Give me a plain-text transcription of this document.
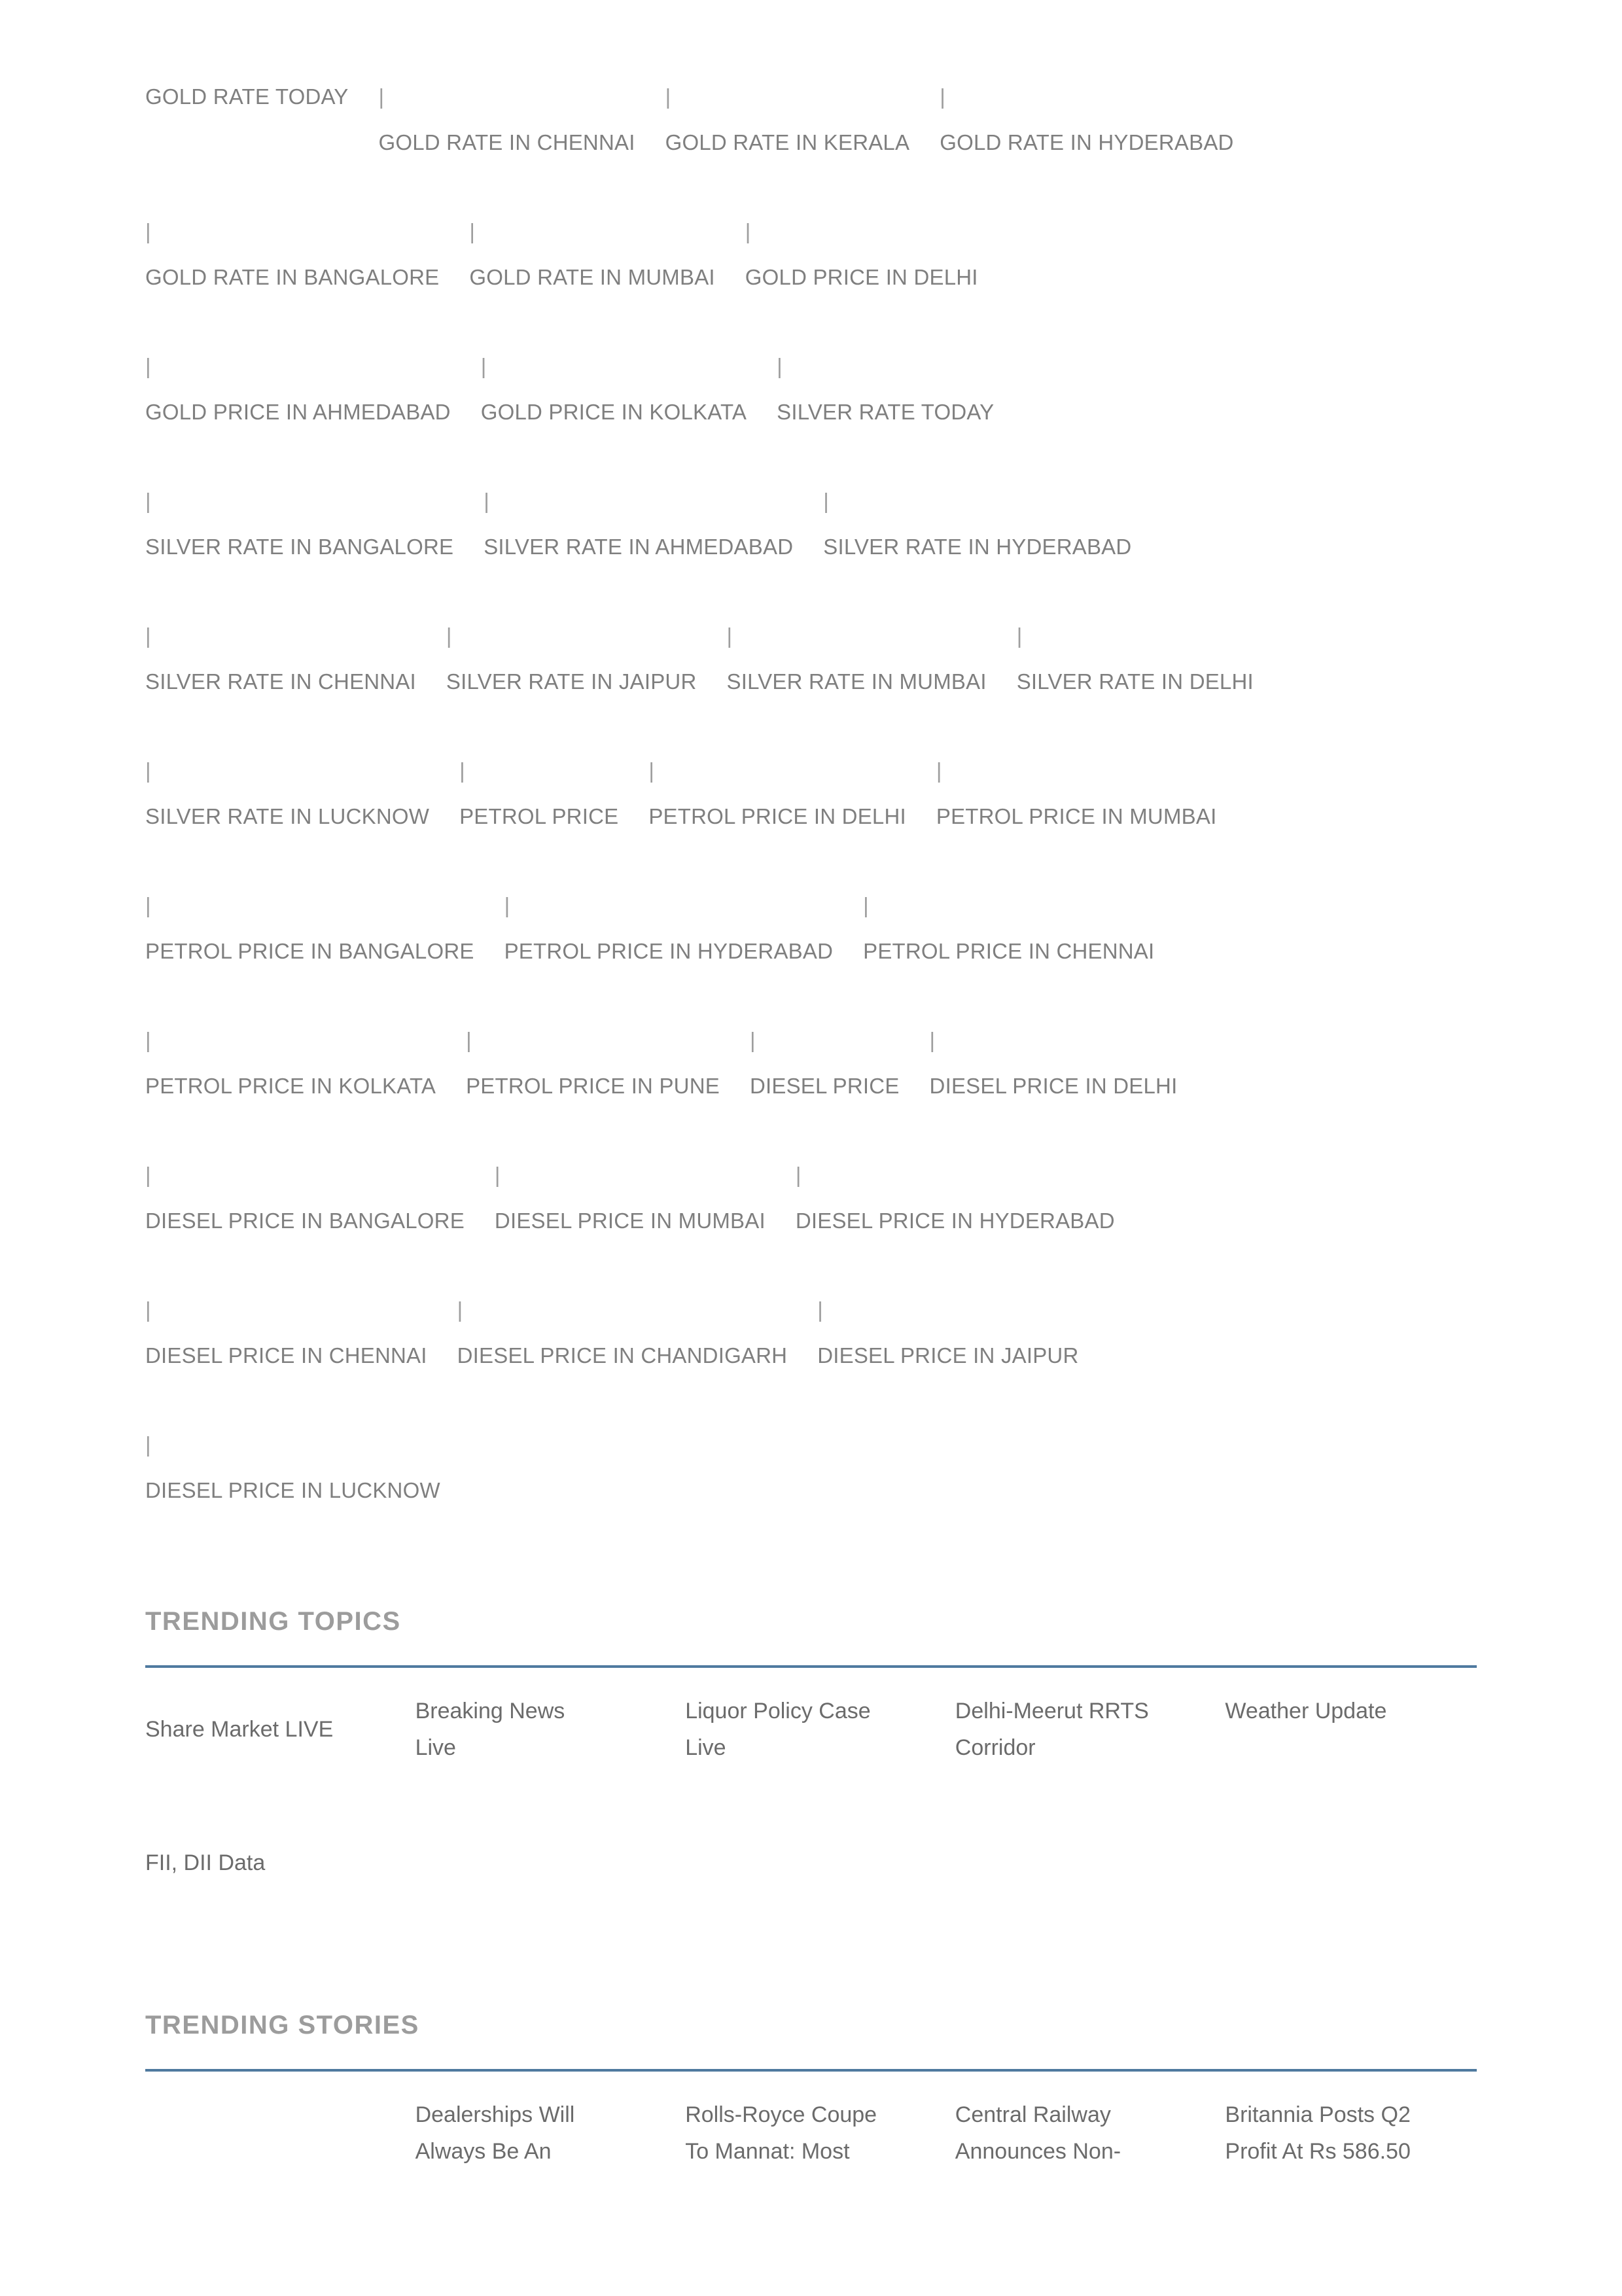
GOLD RATE TODAY |
GOLD RATE IN CHENNAI
|
GOLD RATE IN KERALA
|
GOLD RATE IN HYDERABAD
|
GOLD RATE IN BANGALORE
|
GOLD RATE IN MUMBAI
|
GOLD PRICE IN DELHI
|
GOLD PRICE IN AHMEDABAD
|
GOLD PRICE IN KOLKATA
|
SILVER RATE TODAY
|
SILVER RATE IN BANGALORE
|
SILVER RATE IN AHMEDABAD
|
SILVER RATE IN HYDERABAD
|
SILVER RATE IN CHENNAI
|
SILVER RATE IN JAIPUR
|
SILVER RATE IN MUMBAI
|
SILVER RATE IN DELHI
|
SILVER RATE IN LUCKNOW
|
PETROL PRICE
|
PETROL PRICE IN DELHI
|
PETROL PRICE IN MUMBAI
|
PETROL PRICE IN BANGALORE
|
PETROL PRICE IN HYDERABAD
|
PETROL PRICE IN CHENNAI
|
PETROL PRICE IN KOLKATA
|
PETROL PRICE IN PUNE
|
DIESEL PRICE
|
DIESEL PRICE IN DELHI
|
DIESEL PRICE IN BANGALORE
|
DIESEL PRICE IN MUMBAI
|
DIESEL PRICE IN HYDERABAD
|
DIESEL PRICE IN CHENNAI
|
DIESEL PRICE IN CHANDIGARH
|
DIESEL PRICE IN JAIPUR
|
DIESEL PRICE IN LUCKNOW
TRENDING TOPICS
Share Market LIVE
Breaking News
Live
Liquor Policy Case
Live
Delhi-Meerut RRTS
Corridor
Weather Update
FII, DII Data
TRENDING STORIES
Dealerships Will
Always Be An
Rolls-Royce Coupe
To Mannat: Most
Central Railway
Announces Non-
Britannia Posts Q2
Profit At Rs 586.50
